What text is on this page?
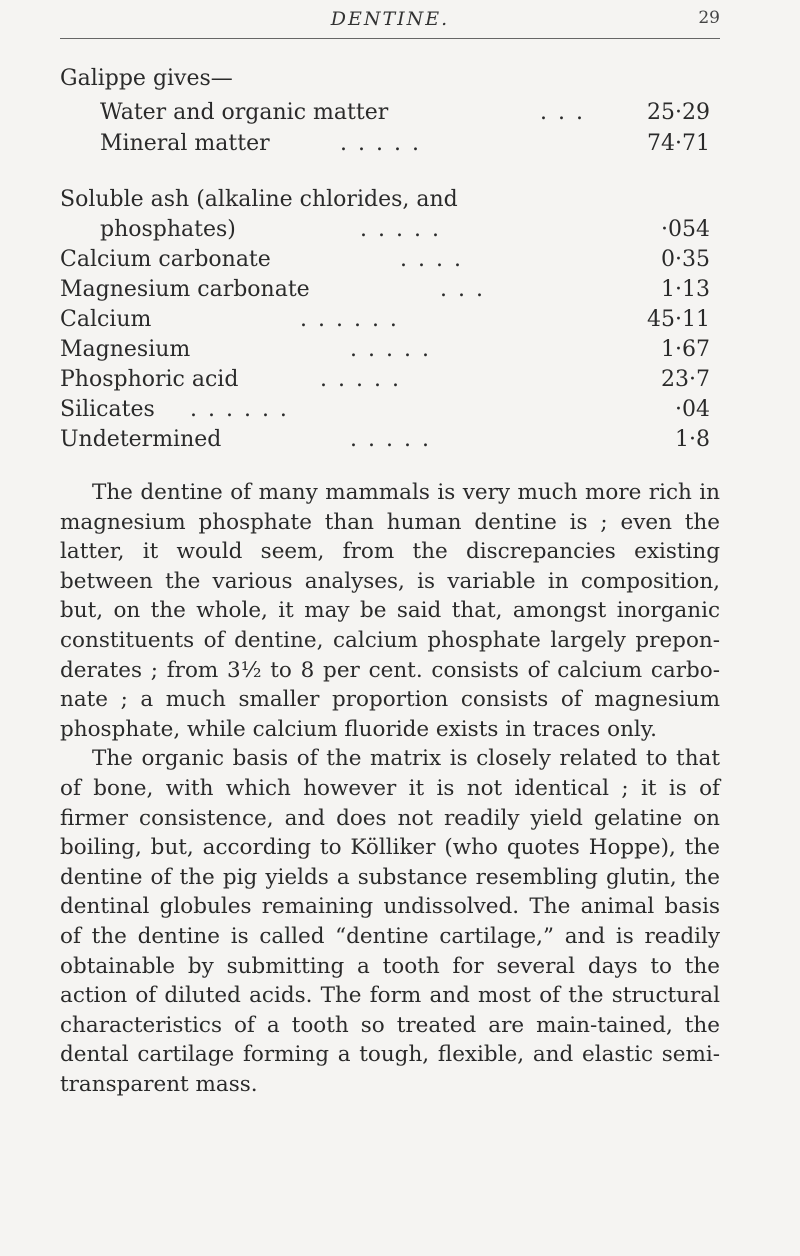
DENTINE.	29
Galippe gives—
Water and organic matter	. . .	25·29
Mineral matter	. . . . .	74·71
Soluble ash (alkaline chlorides, and
phosphates)	. . . . .	·054
Calcium carbonate	. . . .	0·35
Magnesium carbonate	. . .	1·13
Calcium	. . . . . .	45·11
Magnesium	. . . . .	1·67
Phosphoric acid	. . . . .	23·7
Silicates . . . . . .	·04
Undetermined	. . . . .	1·8

The dentine of many mammals is very much more rich in magnesium phosphate than human dentine is ; even the latter, it would seem, from the discrepancies existing between the various analyses, is variable in composition, but, on the whole, it may be said that, amongst inorganic constituents of dentine, calcium phosphate largely prepon-derates ; from 3½ to 8 per cent. consists of calcium carbo-nate ; a much smaller proportion consists of magnesium phosphate, while calcium fluoride exists in traces only.

The organic basis of the matrix is closely related to that of bone, with which however it is not identical ; it is of firmer consistence, and does not readily yield gelatine on boiling, but, according to Kölliker (who quotes Hoppe), the dentine of the pig yields a substance resembling glutin, the dentinal globules remaining undissolved. The animal basis of the dentine is called “dentine cartilage,” and is readily obtainable by submitting a tooth for several days to the action of diluted acids. The form and most of the structural characteristics of a tooth so treated are main-tained, the dental cartilage forming a tough, flexible, and elastic semi-transparent mass.
